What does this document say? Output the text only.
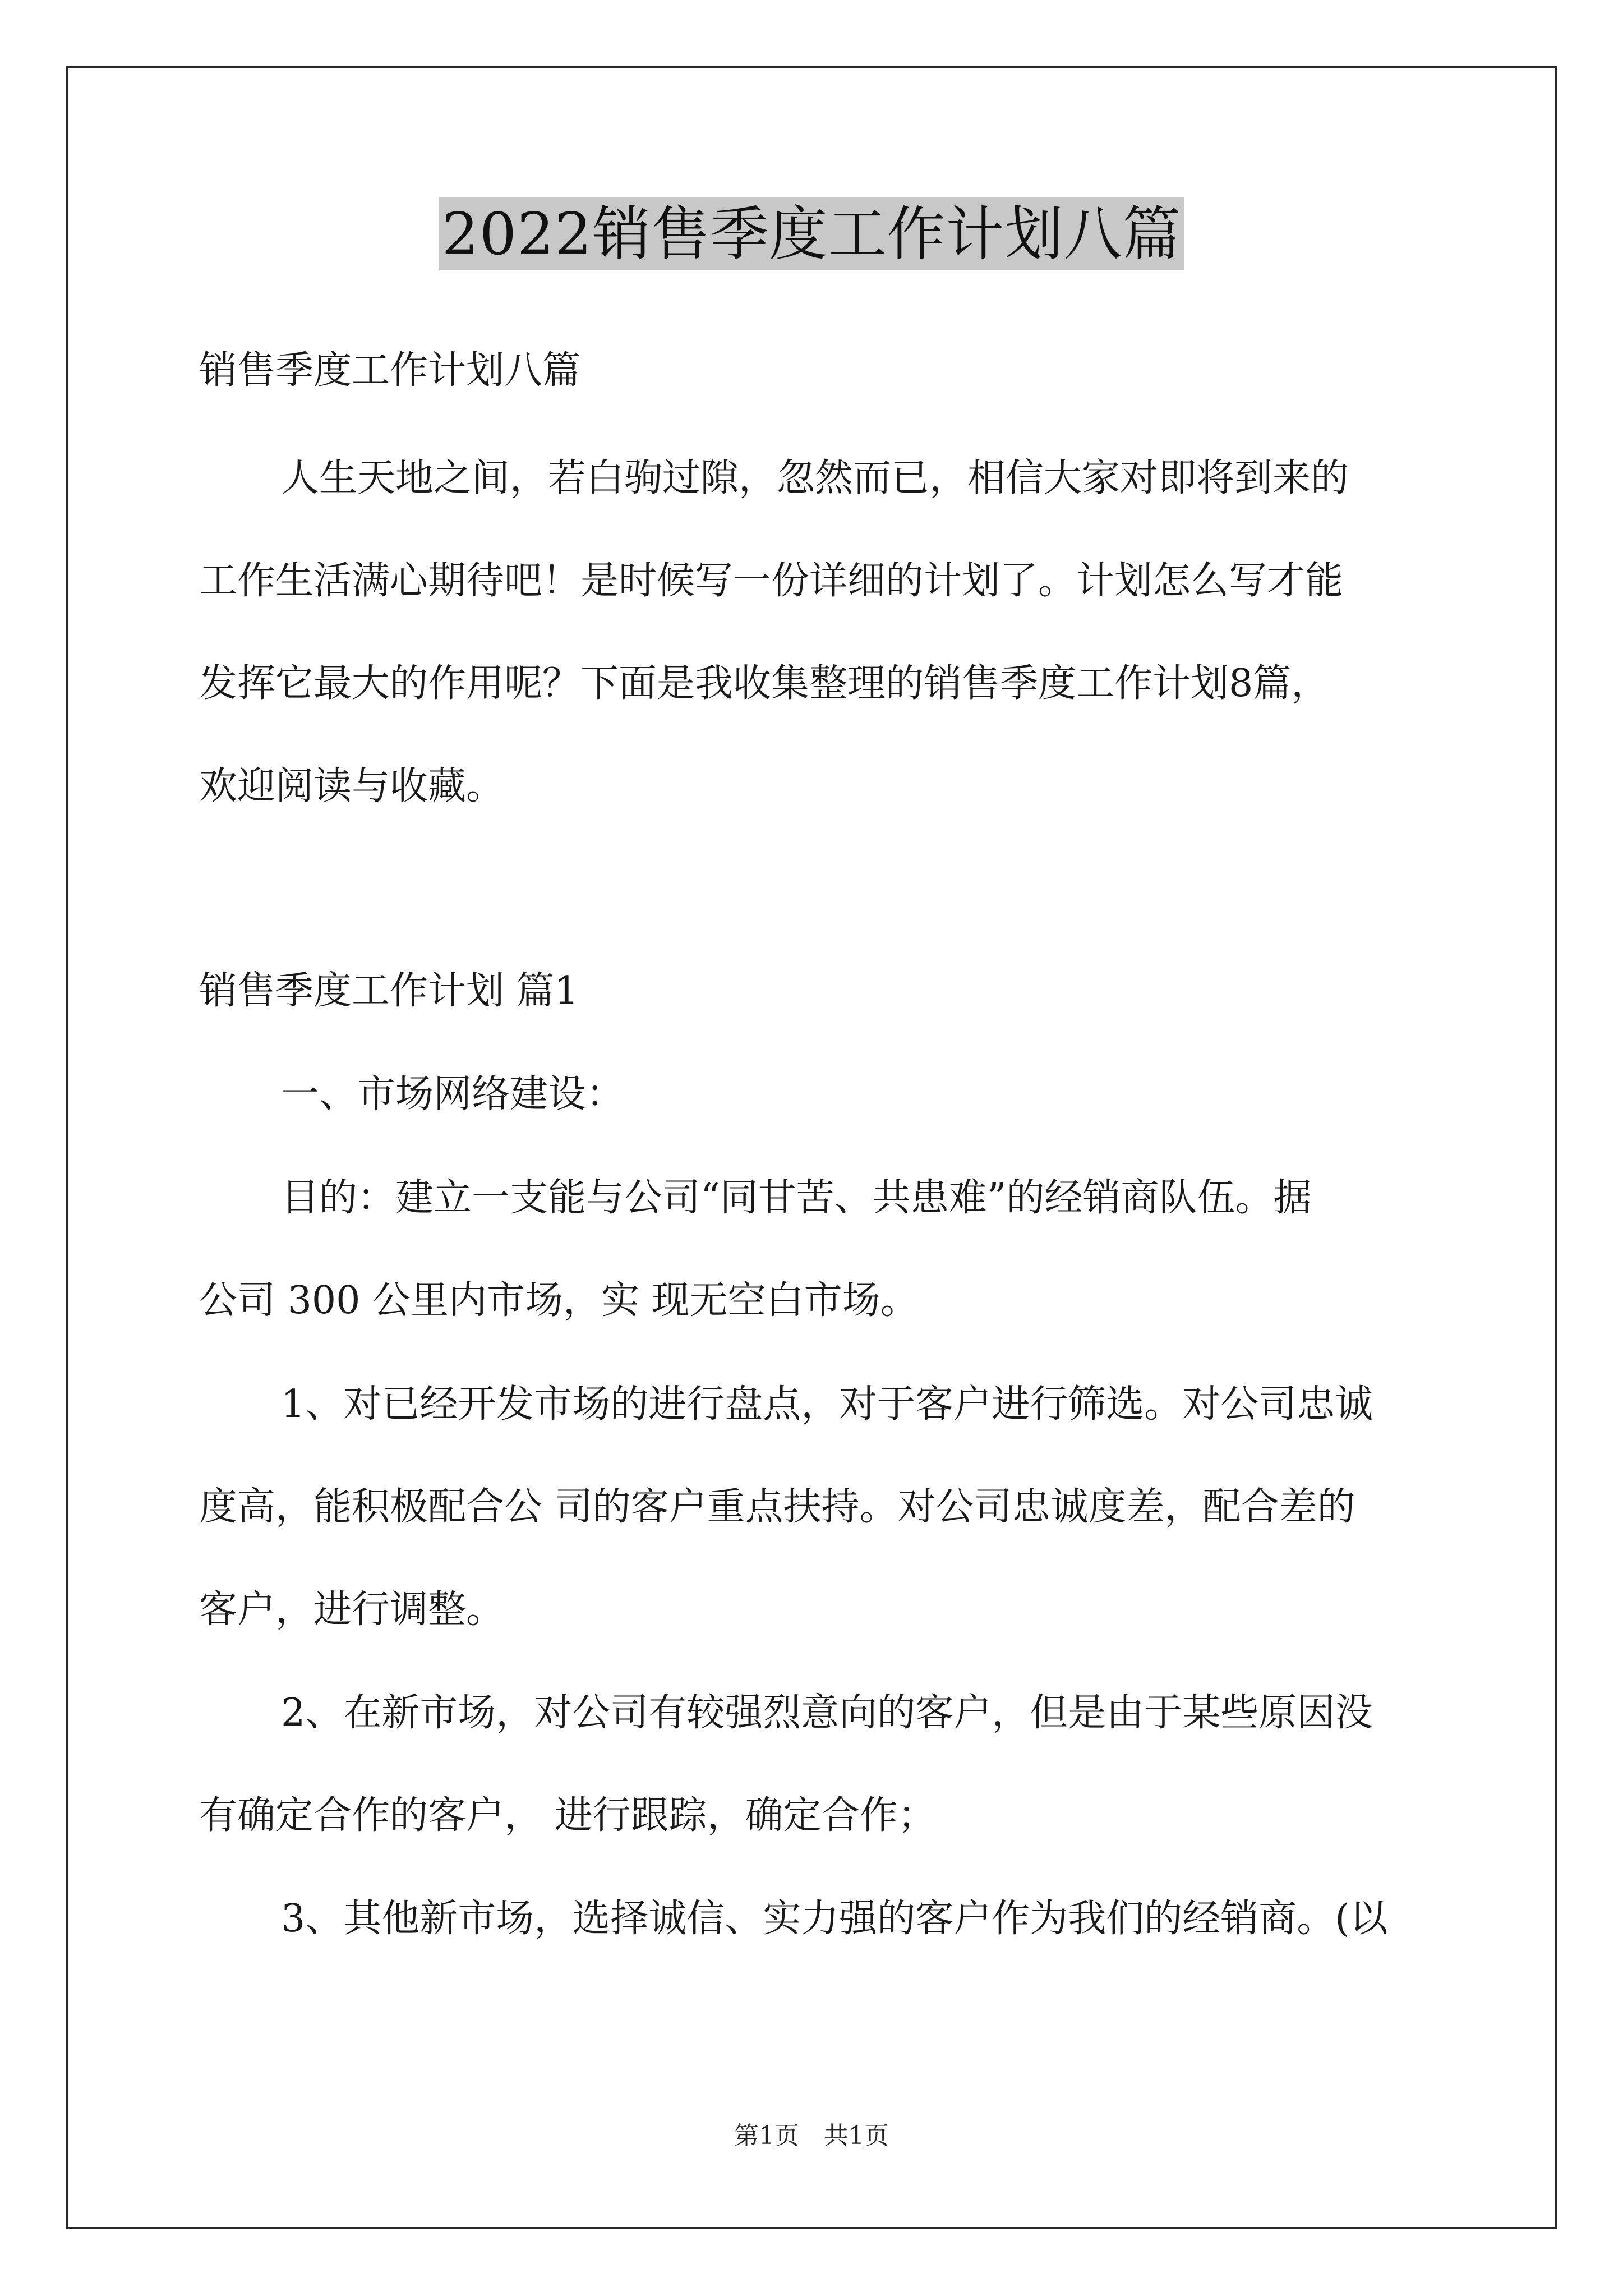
2022销售季度工作计划八篇
销售季度工作计划八篇
人生天地之间，若白驹过隙，忽然而已，相信大家对即将到来的
工作生活满心期待吧！是时候写一份详细的计划了。计划怎么写才能
发挥它最大的作用呢？下面是我收集整理的销售季度工作计划8篇，
欢迎阅读与收藏。
销售季度工作计划 篇1
一、市场网络建设：
目的：建立一支能与公司“同甘苦、共患难”的经销商队伍。据
公司 300 公里内市场，实 现无空白市场。
1、对已经开发市场的进行盘点，对于客户进行筛选。对公司忠诚
度高，能积极配合公 司的客户重点扶持。对公司忠诚度差，配合差的
客户，进行调整。
2、在新市场，对公司有较强烈意向的客户，但是由于某些原因没
有确定合作的客户， 进行跟踪，确定合作；
3、其他新市场，选择诚信、实力强的客户作为我们的经销商。(以
第1页 共1页
